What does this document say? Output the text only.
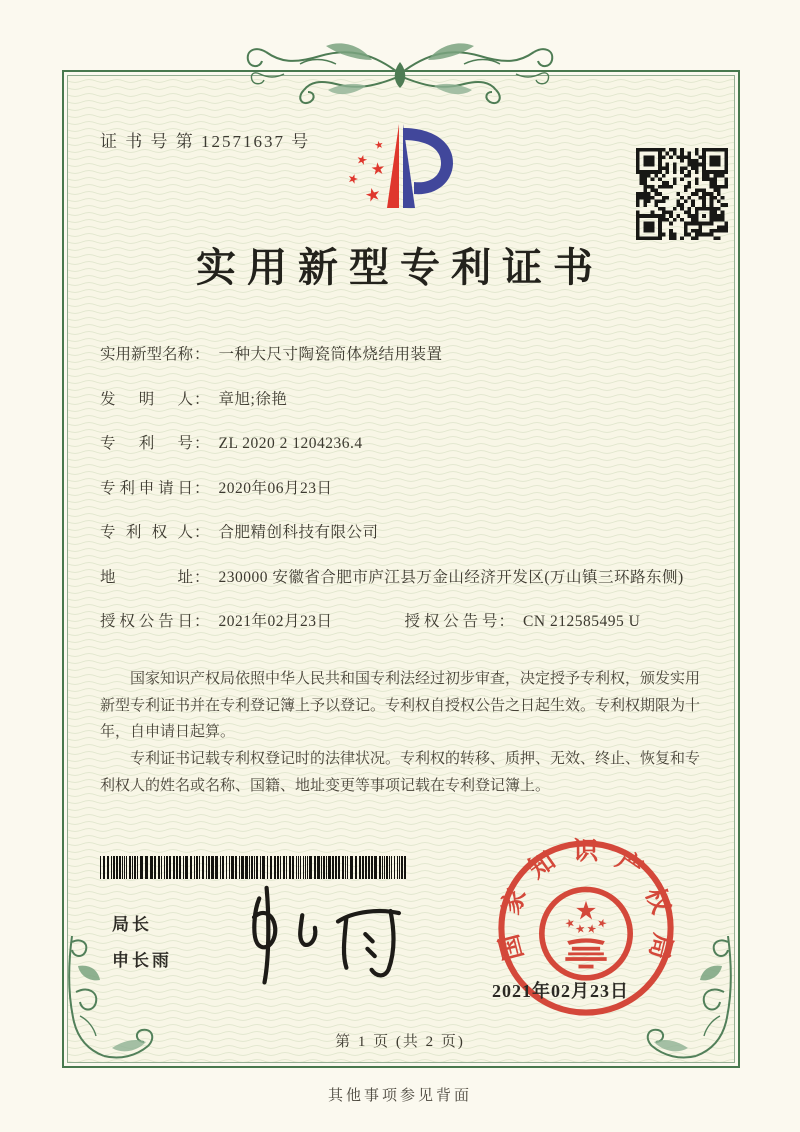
证 书 号 第 12571637 号
实用新型专利证书
实用新型名称： 一种大尺寸陶瓷筒体烧结用装置
发明人： 章旭;徐艳
专利号： ZL 2020 2 1204236.4
专利申请日： 2020年06月23日
专利权人： 合肥精创科技有限公司
地址： 230000 安徽省合肥市庐江县万金山经济开发区(万山镇三环路东侧)
授权公告日： 2021年02月23日	授权公告号： CN 212585495 U

国家知识产权局依照中华人民共和国专利法经过初步审查，决定授予专利权，颁发实用新型专利证书并在专利登记簿上予以登记。专利权自授权公告之日起生效。专利权期限为十年，自申请日起算。

专利证书记载专利权登记时的法律状况。专利权的转移、质押、无效、终止、恢复和专利权人的姓名或名称、国籍、地址变更等事项记载在专利登记簿上。

局长
申长雨	国家知识产权局
2021年02月23日
第 1 页 (共 2 页)
其他事项参见背面
